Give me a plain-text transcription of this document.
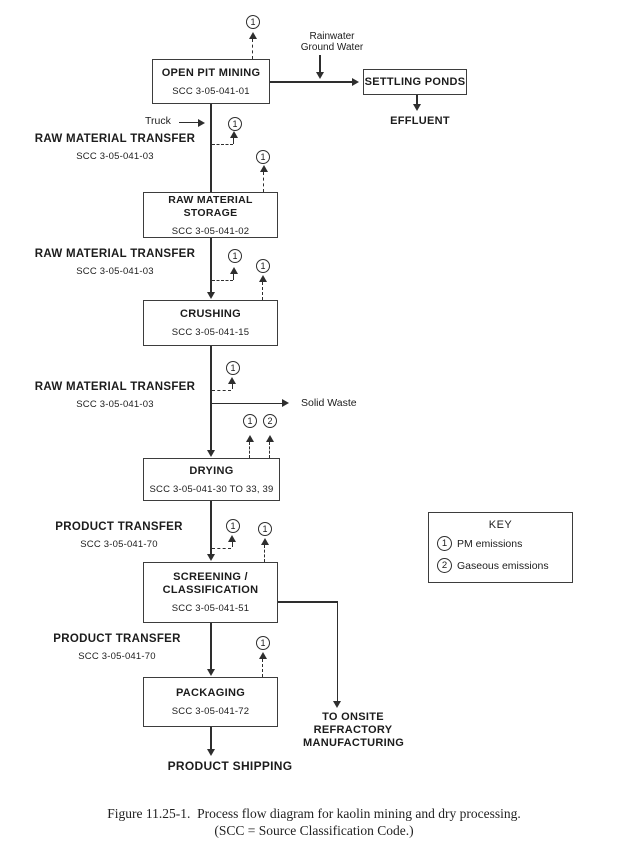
1
OPEN PIT MINING
SCC 3-05-041-01
Rainwater
Ground Water
SETTLING PONDS
EFFLUENT
Truck
RAW MATERIAL TRANSFER
SCC 3-05-041-03
1
1
RAW MATERIAL STORAGE
SCC 3-05-041-02
RAW MATERIAL TRANSFER
SCC 3-05-041-03
1
1
CRUSHING
SCC 3-05-041-15
RAW MATERIAL TRANSFER
SCC 3-05-041-03
1
Solid Waste
1 2
DRYING
SCC 3-05-041-30 TO 33, 39
PRODUCT TRANSFER
SCC 3-05-041-70
1	1
SCREENING /
CLASSIFICATION
SCC 3-05-041-51
TO ONSITE
REFRACTORY
MANUFACTURING
KEY
1 PM emissions
2 Gaseous emissions
PRODUCT TRANSFER
SCC 3-05-041-70
1
PACKAGING
SCC 3-05-041-72
PRODUCT SHIPPING
Figure 11.25-1.  Process flow diagram for kaolin mining and dry processing.
(SCC = Source Classification Code.)
